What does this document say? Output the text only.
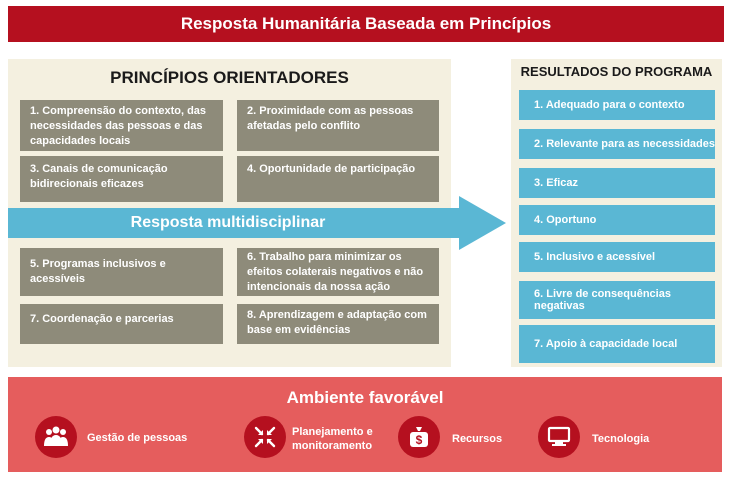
Resposta Humanitária Baseada em Princípios
PRINCÍPIOS ORIENTADORES
1. Compreensão do contexto, das necessidades das pessoas e das capacidades locais
2. Proximidade com as pessoas afetadas pelo conflito
3. Canais de comunicação bidirecionais eficazes
4. Oportunidade de participação
Resposta multidisciplinar
5. Programas inclusivos e acessíveis
6. Trabalho para minimizar os efeitos colaterais negativos e não intencionais da nossa ação
7. Coordenação e parcerias	8. Aprendizagem e adaptação com base em evidências
RESULTADOS DO PROGRAMA
1. Adequado para o contexto
2. Relevante para as necessidades
3. Eficaz
4. Oportuno
5. Inclusivo e acessível
6. Livre de consequências negativas
7. Apoio à capacidade local
Ambiente favorável
Gestão de pessoas	Planejamento e monitoramento	$	Recursos	Tecnologia
